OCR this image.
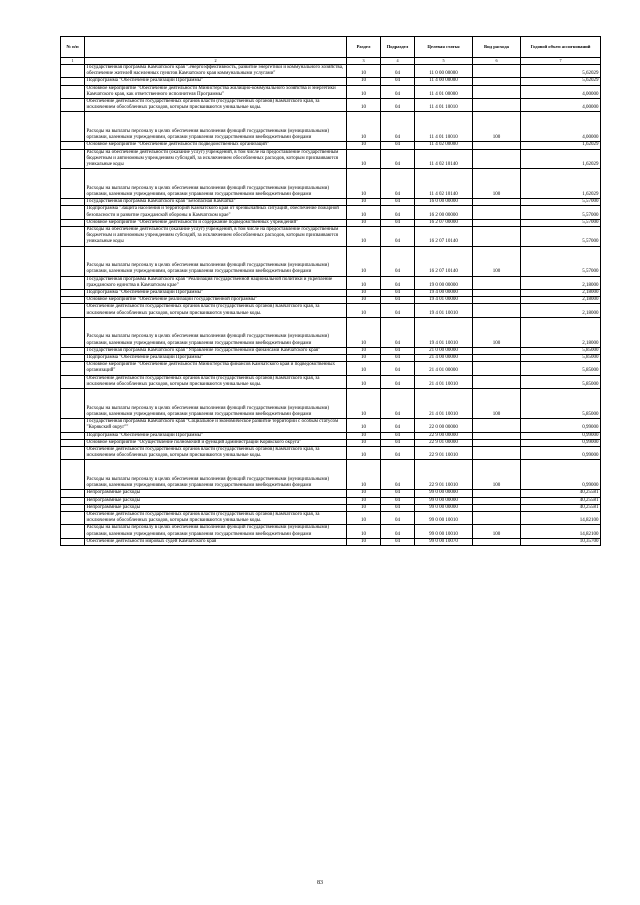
№ п/п		Раздел	Подраздел	Целевая статья	Вид расхода	Годовой объем ассигнований
1	2	3	4	5	6	7
	Государственная программа Камчатского края "Энергоэффективность, развитие энергетики и коммунального хозяйства, обеспечение жителей населенных пунктов Камчатского края коммунальными услугами"	10	04	11 0 00 00000		5,62029
	Подпрограмма "Обеспечение реализации Программы"	10	04	11 4 00 00000		5,62029
	Основное мероприятие "Обеспечение деятельности Министерства жилищно-коммунального хозяйства и энергетики Камчатского края, как ответственного исполнителя Программы"	10	04	11 4 01 00000		4,00000
	Обеспечение деятельности государственных органов власти (государственных органов) Камчатского края, за исключением обособленных расходов, которым присваиваются уникальные коды.	10	04	11 4 01 10010		4,00000
	Расходы на выплаты персоналу в целях обеспечения выполнения функций государственными (муниципальными) органами, казенными учреждениями, органами управления государственными внебюджетными фондами	10	04	11 4 01 10010	100	4,00000
	Основное мероприятие "Обеспечение деятельности подведомственных организаций"	10	04	11 4 02 00000		1,62029
	Расходы на обеспечение деятельности (оказание услуг) учреждений, в том числе на предоставление государственным бюджетным и автономным учреждениям субсидий, за исключением обособленных расходов, которым присваиваются уникальные коды	10	04	11 4 02 10140		1,62029
	Расходы на выплаты персоналу в целях обеспечения выполнения функций государственными (муниципальными) органами, казенными учреждениями, органами управления государственными внебюджетными фондами	10	04	11 4 02 10140	100	1,62029
	Государственная программа Камчатского края "Безопасная Камчатка"	10	04	16 0 00 00000		5,57000
	Подпрограмма "Защита населения и территорий Камчатского края от чрезвычайных ситуаций, обеспечение пожарной безопасности и развитие гражданской обороны в Камчатском крае"	10	04	16 2 00 00000		5,57000
	Основное мероприятие "Обеспечение деятельности и содержание подведомственных учреждений"	10	04	16 2 07 00000		5,57000
	Расходы на обеспечение деятельности (оказание услуг) учреждений, в том числе на предоставление государственным бюджетным и автономным учреждениям субсидий, за исключением обособленных расходов, которым присваиваются уникальные коды	10	04	16 2 07 10140		5,57000
	Расходы на выплаты персоналу в целях обеспечения выполнения функций государственными (муниципальными) органами, казенными учреждениями, органами управления государственными внебюджетными фондами	10	04	16 2 07 10140	100	5,57000
	Государственная программа Камчатского края "Реализация государственной национальной политики и укрепление гражданского единства в Камчатском крае"	10	04	19 0 00 00000		2,18000
	Подпрограмма "Обеспечение реализации Программы"	10	04	19 4 00 00000		2,18000
	Основное мероприятие "Обеспечение реализации государственной программы"	10	04	19 4 01 00000		2,18000
	Обеспечение деятельности государственных органов власти (государственных органов) Камчатского края, за исключением обособленных расходов, которым присваиваются уникальные коды.	10	04	19 4 01 10010		2,18000
	Расходы на выплаты персоналу в целях обеспечения выполнения функций государственными (муниципальными) органами, казенными учреждениями, органами управления государственными внебюджетными фондами	10	04	19 4 01 10010	100	2,18000
	Государственная программа Камчатского края "Управление государственными финансами Камчатского края"	10	04	21 0 00 00000		5,85000
	Подпрограмма "Обеспечение реализации Программы"	10	04	21 4 00 00000		5,85000
	Основное мероприятие "Обеспечение деятельности Министерства финансов Камчатского края и подведомственных организаций"	10	04	21 4 01 00000		5,85000
	Обеспечение деятельности государственных органов власти (государственных органов) Камчатского края, за исключением обособленных расходов, которым присваиваются уникальные коды.	10	04	21 4 01 10010		5,85000
	Расходы на выплаты персоналу в целях обеспечения выполнения функций государственными (муниципальными) органами, казенными учреждениями, органами управления государственными внебюджетными фондами	10	04	21 4 01 10010	100	5,85000
	Государственная программа Камчатского края "Социальное и экономическое развитие территории с особым статусом "Корякский округ""	10	04	22 0 00 00000		0,99000
	Подпрограмма "Обеспечение реализации Программы"	10	04	22 9 00 00000		0,99000
	Основное мероприятие "Осуществление полномочий и функций администрации Корякского округа"	10	04	22 9 01 00000		0,99000
	Обеспечение деятельности государственных органов власти (государственных органов) Камчатского края, за исключением обособленных расходов, которым присваиваются уникальные коды.	10	04	22 9 01 10010		0,99000
	Расходы на выплаты персоналу в целях обеспечения выполнения функций государственными (муниципальными) органами, казенными учреждениями, органами управления государственными внебюджетными фондами	10	04	22 9 01 10010	100	0,99000
	Непрограммные расходы	10	04	99 0 00 00000		40,25581
	Непрограммные расходы	10	04	99 0 00 00000		40,25581
	Непрограммные расходы	10	04	99 0 00 00000		40,25581
	Обеспечение деятельности государственных органов власти (государственных органов) Камчатского края, за исключением обособленных расходов, которым присваиваются уникальные коды.	10	04	99 0 00 10010		14,82100
	Расходы на выплаты персоналу в целях обеспечения выполнения функций государственными (муниципальными) органами, казенными учреждениями, органами управления государственными внебюджетными фондами	10	04	99 0 00 10010	100	14,82100
	Обеспечение деятельности мировых судей Камчатского края	10	04	99 0 00 10070		10,35700
83
